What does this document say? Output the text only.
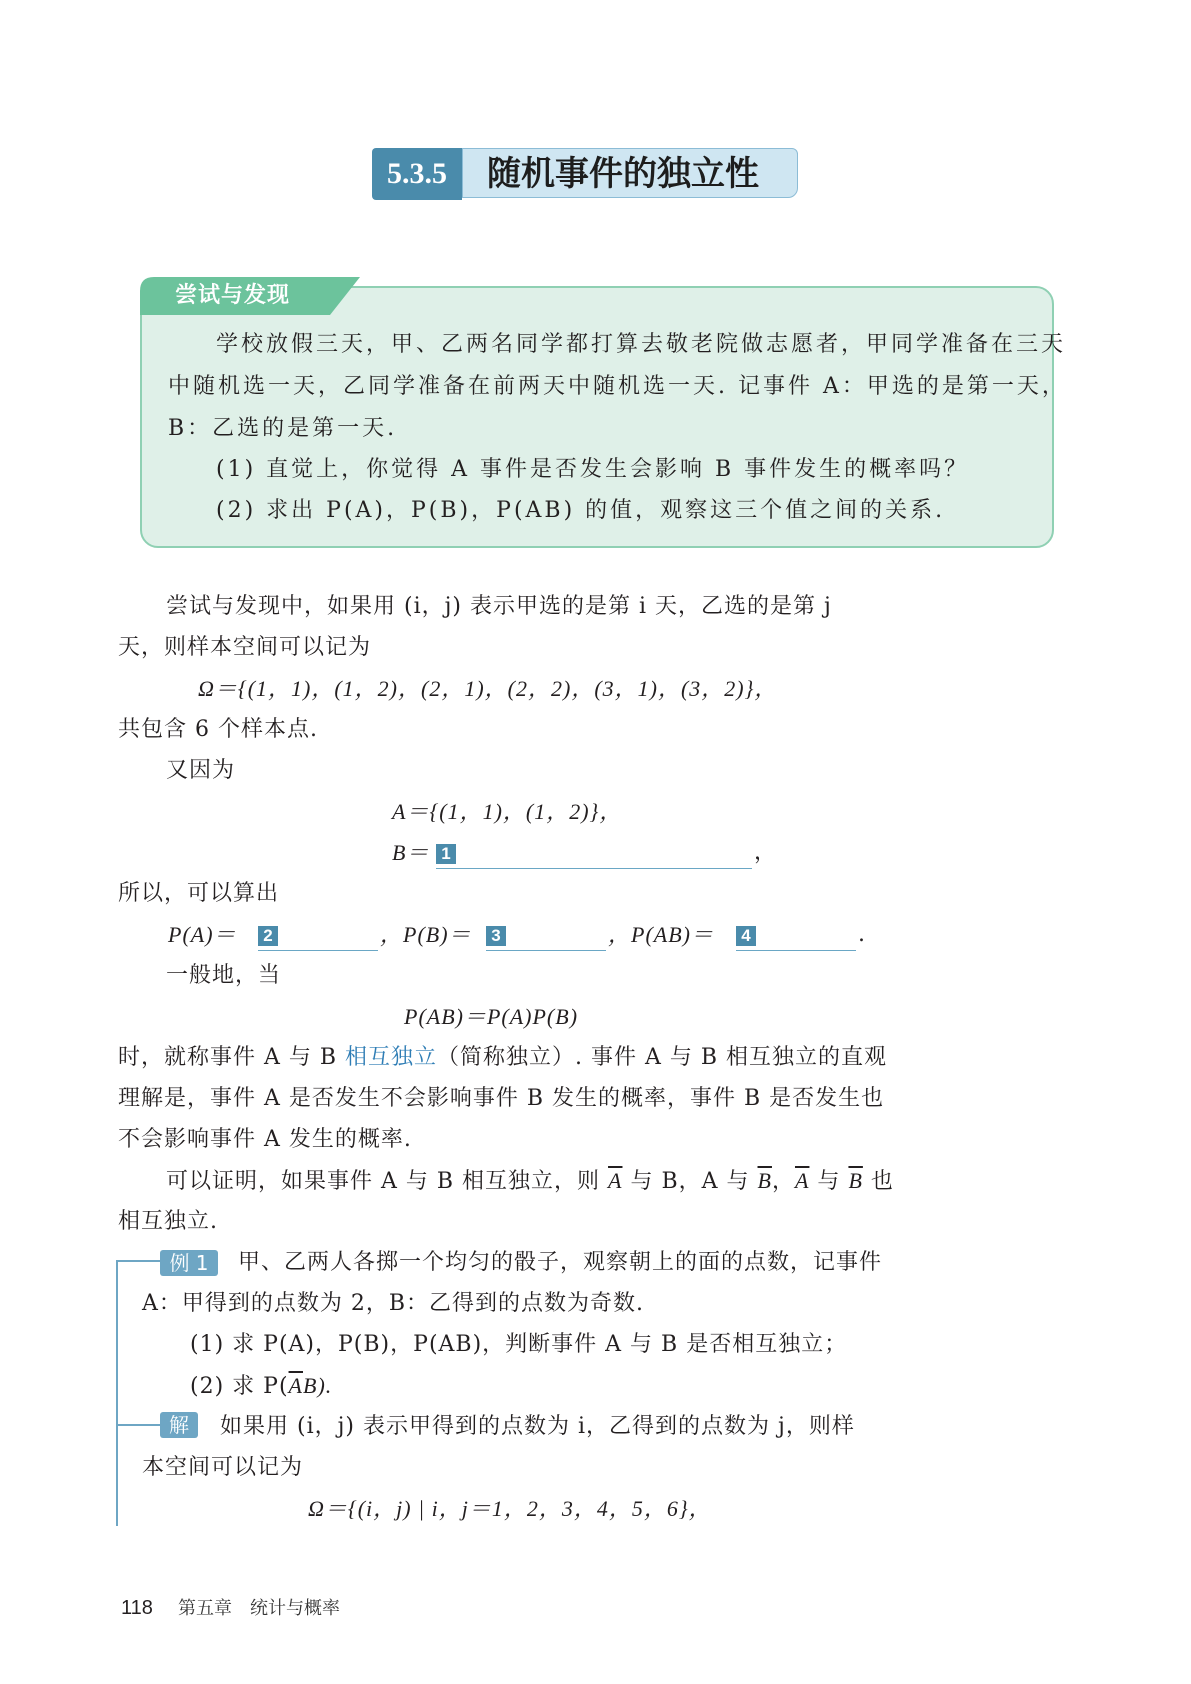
5.3.5	随机事件的独立性
尝试与发现
学校放假三天，甲、乙两名同学都打算去敬老院做志愿者，甲同学准备在三天
中随机选一天，乙同学准备在前两天中随机选一天. 记事件 A：甲选的是第一天，
B：乙选的是第一天.
(1) 直觉上，你觉得 A 事件是否发生会影响 B 事件发生的概率吗？
(2) 求出 P(A)，P(B)，P(AB) 的值，观察这三个值之间的关系.
尝试与发现中，如果用 (i，j) 表示甲选的是第 i 天，乙选的是第 j
天，则样本空间可以记为
Ω＝{(1，1)，(1，2)，(2，1)，(2，2)，(3，1)，(3，2)}，
共包含 6 个样本点.
又因为
A＝{(1，1)，(1，2)}，
B＝ 1	，
所以，可以算出
P(A)＝	2	，P(B)＝	3	，P(AB)＝	4	.
一般地，当
P(AB)＝P(A)P(B)
时，就称事件 A 与 B 相互独立（简称独立）. 事件 A 与 B 相互独立的直观
理解是，事件 A 是否发生不会影响事件 B 发生的概率，事件 B 是否发生也
不会影响事件 A 发生的概率.
可以证明，如果事件 A 与 B 相互独立，则 $\overline{A}$ 与 B，A 与 $\overline{B}$，$\overline{A}$ 与 $\overline{B}$ 也
相互独立.
例 1	甲、乙两人各掷一个均匀的骰子，观察朝上的面的点数，记事件
A：甲得到的点数为 2，B：乙得到的点数为奇数.
(1) 求 P(A)，P(B)，P(AB)，判断事件 A 与 B 是否相互独立；
(2) 求 $P(\overline{A}B)$.
解	如果用 (i，j) 表示甲得到的点数为 i，乙得到的点数为 j，则样
本空间可以记为
Ω＝{(i，j) | i，j＝1，2，3，4，5，6}，
118 第五章　统计与概率
